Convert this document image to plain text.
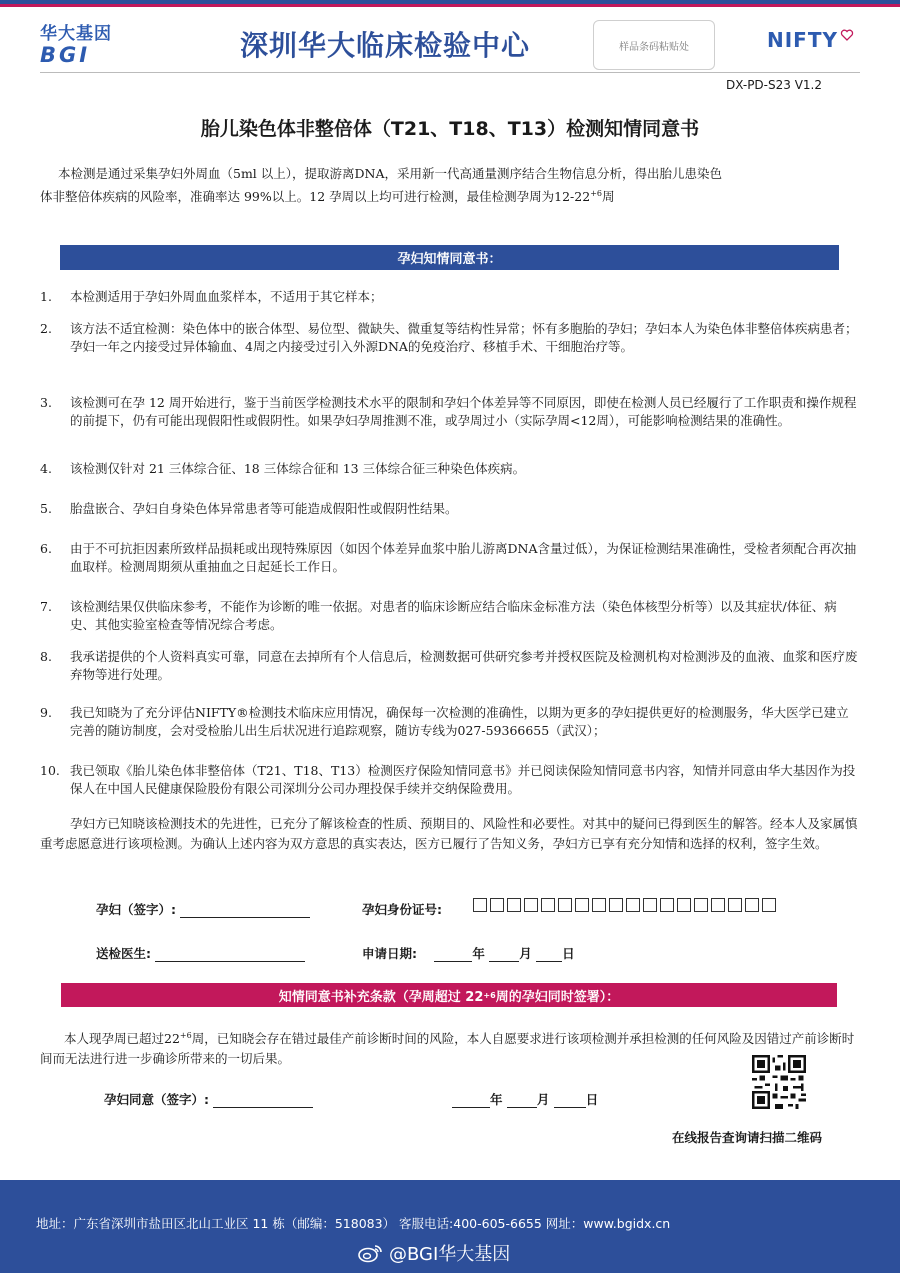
华大基因
BGI	深圳华大临床检验中心	样品条码粘贴处	NIFTY
DX-PD-S23 V1.2
胎儿染色体非整倍体（T21、T18、T13）检测知情同意书
本检测是通过采集孕妇外周血（5ml 以上），提取游离DNA，采用新一代高通量测序结合生物信息分析，得出胎儿患染色
体非整倍体疾病的风险率，准确率达 99%以上。12 孕周以上均可进行检测，最佳检测孕周为$12-22^{+6}$周
孕妇知情同意书：
1.	本检测适用于孕妇外周血血浆样本，不适用于其它样本；
2.	该方法不适宜检测：染色体中的嵌合体型、易位型、微缺失、微重复等结构性异常；怀有多胞胎的孕妇；孕妇本人为染色体非整倍体疾病患者；孕妇一年之内接受过异体输血、4周之内接受过引入外源DNA的免疫治疗、移植手术、干细胞治疗等。
3.	该检测可在孕 12 周开始进行，鉴于当前医学检测技术水平的限制和孕妇个体差异等不同原因，即使在检测人员已经履行了工作职责和操作规程的前提下，仍有可能出现假阳性或假阴性。如果孕妇孕周推测不准，或孕周过小（实际孕周<12周），可能影响检测结果的准确性。
4.	该检测仅针对 21 三体综合征、18 三体综合征和 13 三体综合征三种染色体疾病。
5.	胎盘嵌合、孕妇自身染色体异常患者等可能造成假阳性或假阴性结果。
6.	由于不可抗拒因素所致样品损耗或出现特殊原因（如因个体差异血浆中胎儿游离DNA含量过低），为保证检测结果准确性，受检者须配合再次抽血取样。检测周期须从重抽血之日起延长工作日。
7.	该检测结果仅供临床参考，不能作为诊断的唯一依据。对患者的临床诊断应结合临床金标准方法（染色体核型分析等）以及其症状/体征、病史、其他实验室检查等情况综合考虑。
8.	我承诺提供的个人资料真实可靠，同意在去掉所有个人信息后，检测数据可供研究参考并授权医院及检测机构对检测涉及的血液、血浆和医疗废弃物等进行处理。
9.	我已知晓为了充分评估NIFTY®检测技术临床应用情况，确保每一次检测的准确性，以期为更多的孕妇提供更好的检测服务，华大医学已建立完善的随访制度，会对受检胎儿出生后状况进行追踪观察，随访专线为027-59366655（武汉）；
10. 我已领取《胎儿染色体非整倍体（T21、T18、T13）检测医疗保险知情同意书》并已阅读保险知情同意书内容，知情并同意由华大基因作为投保人在中国人民健康保险股份有限公司深圳分公司办理投保手续并交纳保险费用。
孕妇方已知晓该检测技术的先进性，已充分了解该检查的性质、预期目的、风险性和必要性。对其中的疑问已得到医生的解答。经本人及家属慎重考虑愿意进行该项检测。为确认上述内容为双方意思的真实表达，医方已履行了告知义务，孕妇方已享有充分知情和选择的权利，签字生效。
孕妇（签字）:	孕妇身份证号:
送检医生:	申请日期:	年	月 日
知情同意书补充条款（孕周超过 22 +6 周的孕妇同时签署）：
本人现孕周已超过$22^{+6}$周，已知晓会存在错过最佳产前诊断时间的风险，本人自愿要求进行该项检测并承担检测的任何风险及因错过产前诊断时间而无法进行进一步确诊所带来的一切后果。
孕妇同意（签字）:	年	月	日
在线报告查询请扫描二维码
地址：广东省深圳市盐田区北山工业区 11 栋（邮编：518083） 客服电话:400-605-6655 网址：www.bgidx.cn
@BGI华大基因
